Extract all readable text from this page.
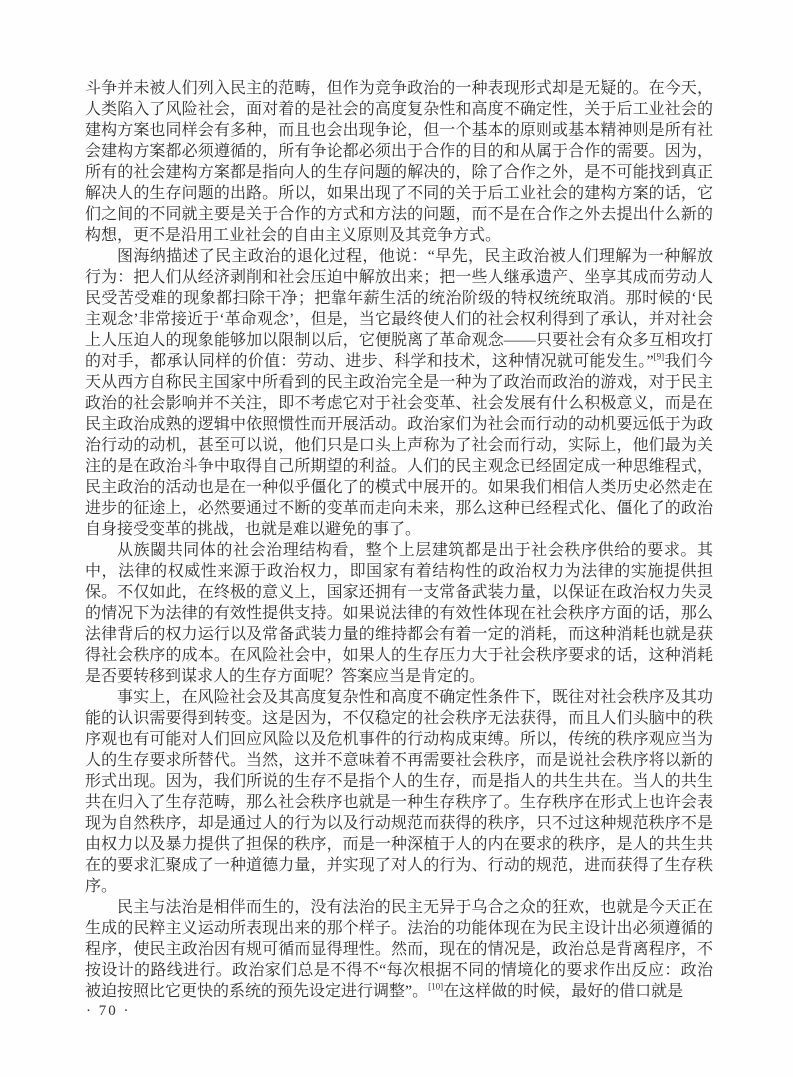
斗争并未被人们列入民主的范畴，但作为竞争政治的一种表现形式却是无疑的。在今天，人类陷入了风险社会，面对着的是社会的高度复杂性和高度不确定性，关于后工业社会的建构方案也同样会有多种，而且也会出现争论，但一个基本的原则或基本精神则是所有社会建构方案都必须遵循的，所有争论都必须出于合作的目的和从属于合作的需要。因为，所有的社会建构方案都是指向人的生存问题的解决的，除了合作之外，是不可能找到真正解决人的生存问题的出路。所以，如果出现了不同的关于后工业社会的建构方案的话，它们之间的不同就主要是关于合作的方式和方法的问题，而不是在合作之外去提出什么新的构想，更不是沿用工业社会的自由主义原则及其竞争方式。

图海纳描述了民主政治的退化过程，他说：“早先，民主政治被人们理解为一种解放行为：把人们从经济剥削和社会压迫中解放出来；把一些人继承遗产、坐享其成而劳动人民受苦受难的现象都扫除干净；把靠年薪生活的统治阶级的特权统统取消。那时候的‘民主观念’非常接近于‘革命观念’，但是，当它最终使人们的社会权利得到了承认，并对社会上人压迫人的现象能够加以限制以后，它便脱离了革命观念——只要社会有众多互相攻打的对手，都承认同样的价值：劳动、进步、科学和技术，这种情况就可能发生。”[9]我们今天从西方自称民主国家中所看到的民主政治完全是一种为了政治而政治的游戏，对于民主政治的社会影响并不关注，即不考虑它对于社会变革、社会发展有什么积极意义，而是在民主政治成熟的逻辑中依照惯性而开展活动。政治家们为社会而行动的动机要远低于为政治行动的动机，甚至可以说，他们只是口头上声称为了社会而行动，实际上，他们最为关注的是在政治斗争中取得自己所期望的利益。人们的民主观念已经固定成一种思维程式，民主政治的活动也是在一种似乎僵化了的模式中展开的。如果我们相信人类历史必然走在进步的征途上，必然要通过不断的变革而走向未来，那么这种已经程式化、僵化了的政治自身接受变革的挑战，也就是难以避免的事了。

从族閾共同体的社会治理结构看，整个上层建筑都是出于社会秩序供给的要求。其中，法律的权威性来源于政治权力，即国家有着结构性的政治权力为法律的实施提供担保。不仅如此，在终极的意义上，国家还拥有一支常备武装力量，以保证在政治权力失灵的情况下为法律的有效性提供支持。如果说法律的有效性体现在社会秩序方面的话，那么法律背后的权力运行以及常备武装力量的维持都会有着一定的消耗，而这种消耗也就是获得社会秩序的成本。在风险社会中，如果人的生存压力大于社会秩序要求的话，这种消耗是否要转移到谋求人的生存方面呢？答案应当是肯定的。

事实上，在风险社会及其高度复杂性和高度不确定性条件下，既往对社会秩序及其功能的认识需要得到转变。这是因为，不仅稳定的社会秩序无法获得，而且人们头脑中的秩序观也有可能对人们回应风险以及危机事件的行动构成束缚。所以，传统的秩序观应当为人的生存要求所替代。当然，这并不意味着不再需要社会秩序，而是说社会秩序将以新的形式出现。因为，我们所说的生存不是指个人的生存，而是指人的共生共在。当人的共生共在归入了生存范畴，那么社会秩序也就是一种生存秩序了。生存秩序在形式上也许会表现为自然秩序，却是通过人的行为以及行动规范而获得的秩序，只不过这种规范秩序不是由权力以及暴力提供了担保的秩序，而是一种深植于人的内在要求的秩序，是人的共生共在的要求汇聚成了一种道德力量，并实现了对人的行为、行动的规范，进而获得了生存秩序。

民主与法治是相伴而生的，没有法治的民主无异于乌合之众的狂欢，也就是今天正在生成的民粹主义运动所表现出来的那个样子。法治的功能体现在为民主设计出必须遵循的程序，使民主政治因有规可循而显得理性。然而，现在的情况是，政治总是背离程序，不按设计的路线进行。政治家们总是不得不“每次根据不同的情境化的要求作出反应：政治被迫按照比它更快的系统的预先设定进行调整”。[10]在这样做的时候，最好的借口就是

· 70 ·
